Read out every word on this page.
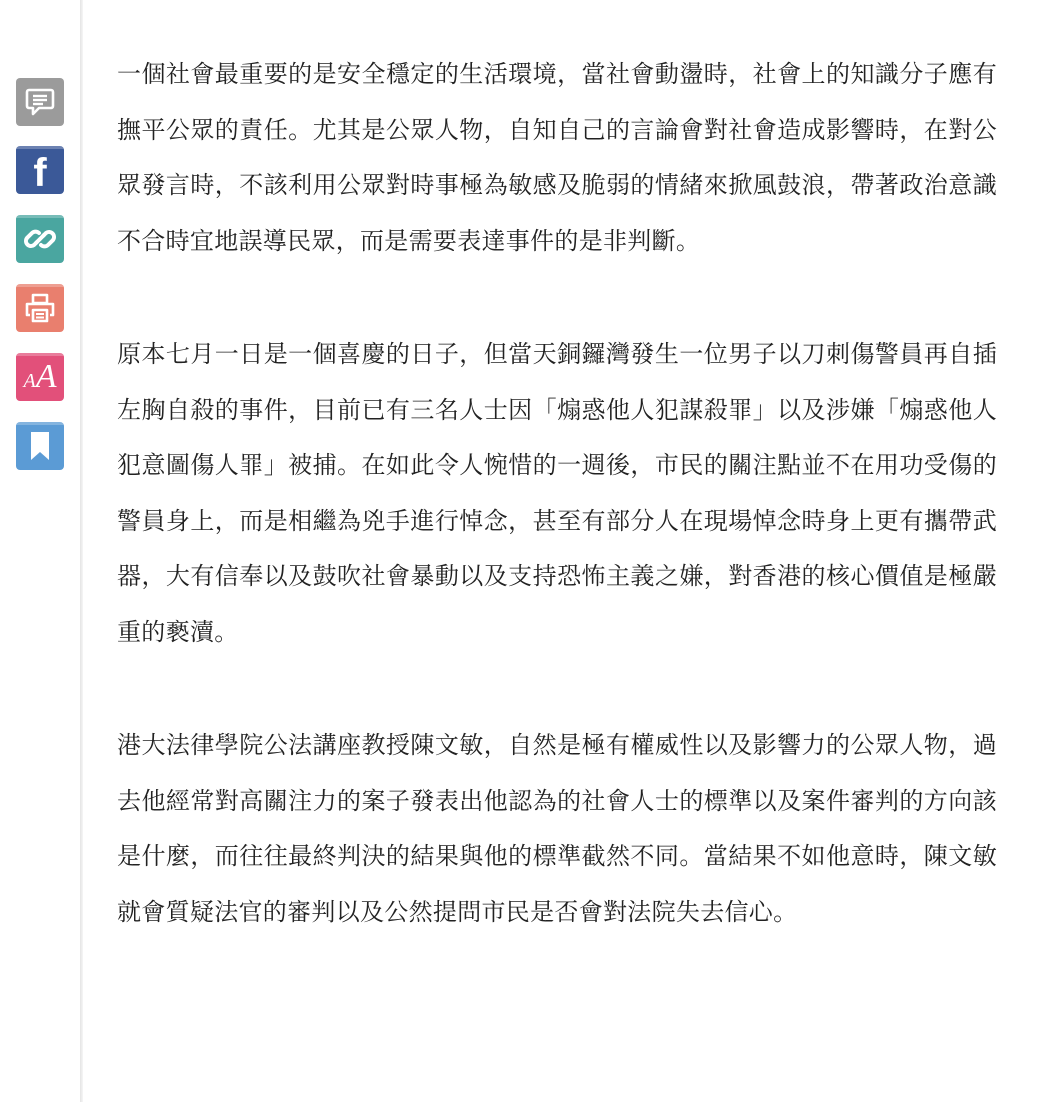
f
AA

一個社會最重要的是安全穩定的生活環境，當社會動盪時，社會上的知識分子應有撫平公眾的責任。尤其是公眾人物，自知自己的言論會對社會造成影響時，在對公眾發言時，不該利用公眾對時事極為敏感及脆弱的情緒來掀風鼓浪，帶著政治意識不合時宜地誤導民眾，而是需要表達事件的是非判斷。

原本七月一日是一個喜慶的日子，但當天銅鑼灣發生一位男子以刀刺傷警員再自插左胸自殺的事件，目前已有三名人士因「煽惑他人犯謀殺罪」以及涉嫌「煽惑他人犯意圖傷人罪」被捕。在如此令人惋惜的一週後，市民的關注點並不在用功受傷的警員身上，而是相繼為兇手進行悼念，甚至有部分人在現場悼念時身上更有攜帶武器，大有信奉以及鼓吹社會暴動以及支持恐怖主義之嫌，對香港的核心價值是極嚴重的褻瀆。

港大法律學院公法講座教授陳文敏，自然是極有權威性以及影響力的公眾人物，過去他經常對高關注力的案子發表出他認為的社會人士的標準以及案件審判的方向該是什麼，而往往最終判決的結果與他的標準截然不同。當結果不如他意時，陳文敏就會質疑法官的審判以及公然提問市民是否會對法院失去信心。
